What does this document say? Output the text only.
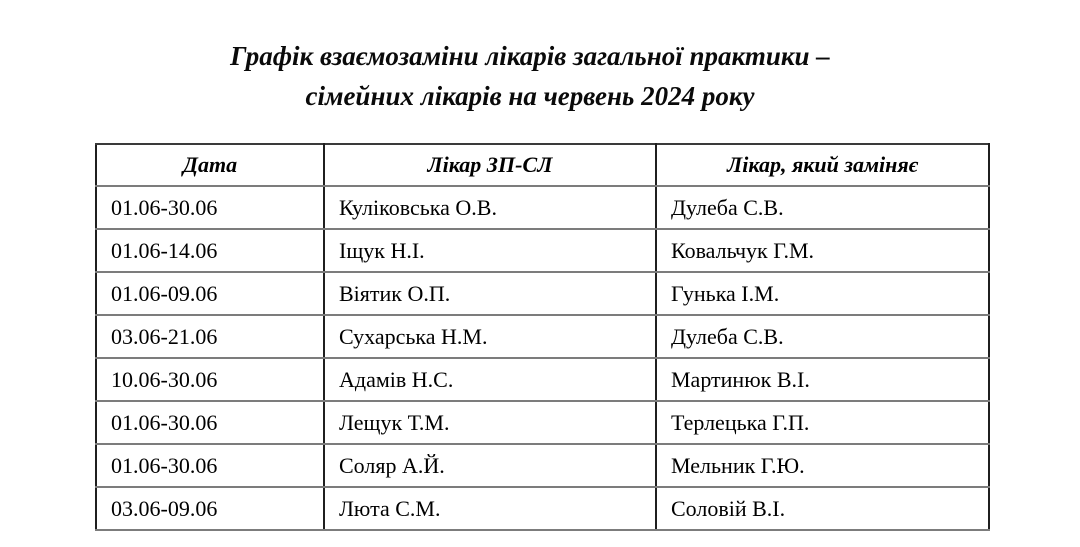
Графік взаємозаміни лікарів загальної практики –
сімейних лікарів на червень 2024 року
Дата	Лікар ЗП-СЛ	Лікар, який заміняє
01.06-30.06	Куліковська О.В.	Дулеба С.В.
01.06-14.06	Іщук Н.І.	Ковальчук Г.М.
01.06-09.06	Віятик О.П.	Гунька І.М.
03.06-21.06	Сухарська Н.М.	Дулеба С.В.
10.06-30.06	Адамів Н.С.	Мартинюк В.І.
01.06-30.06	Лещук Т.М.	Терлецька Г.П.
01.06-30.06	Соляр А.Й.	Мельник Г.Ю.
03.06-09.06	Люта С.М.	Соловій В.І.
